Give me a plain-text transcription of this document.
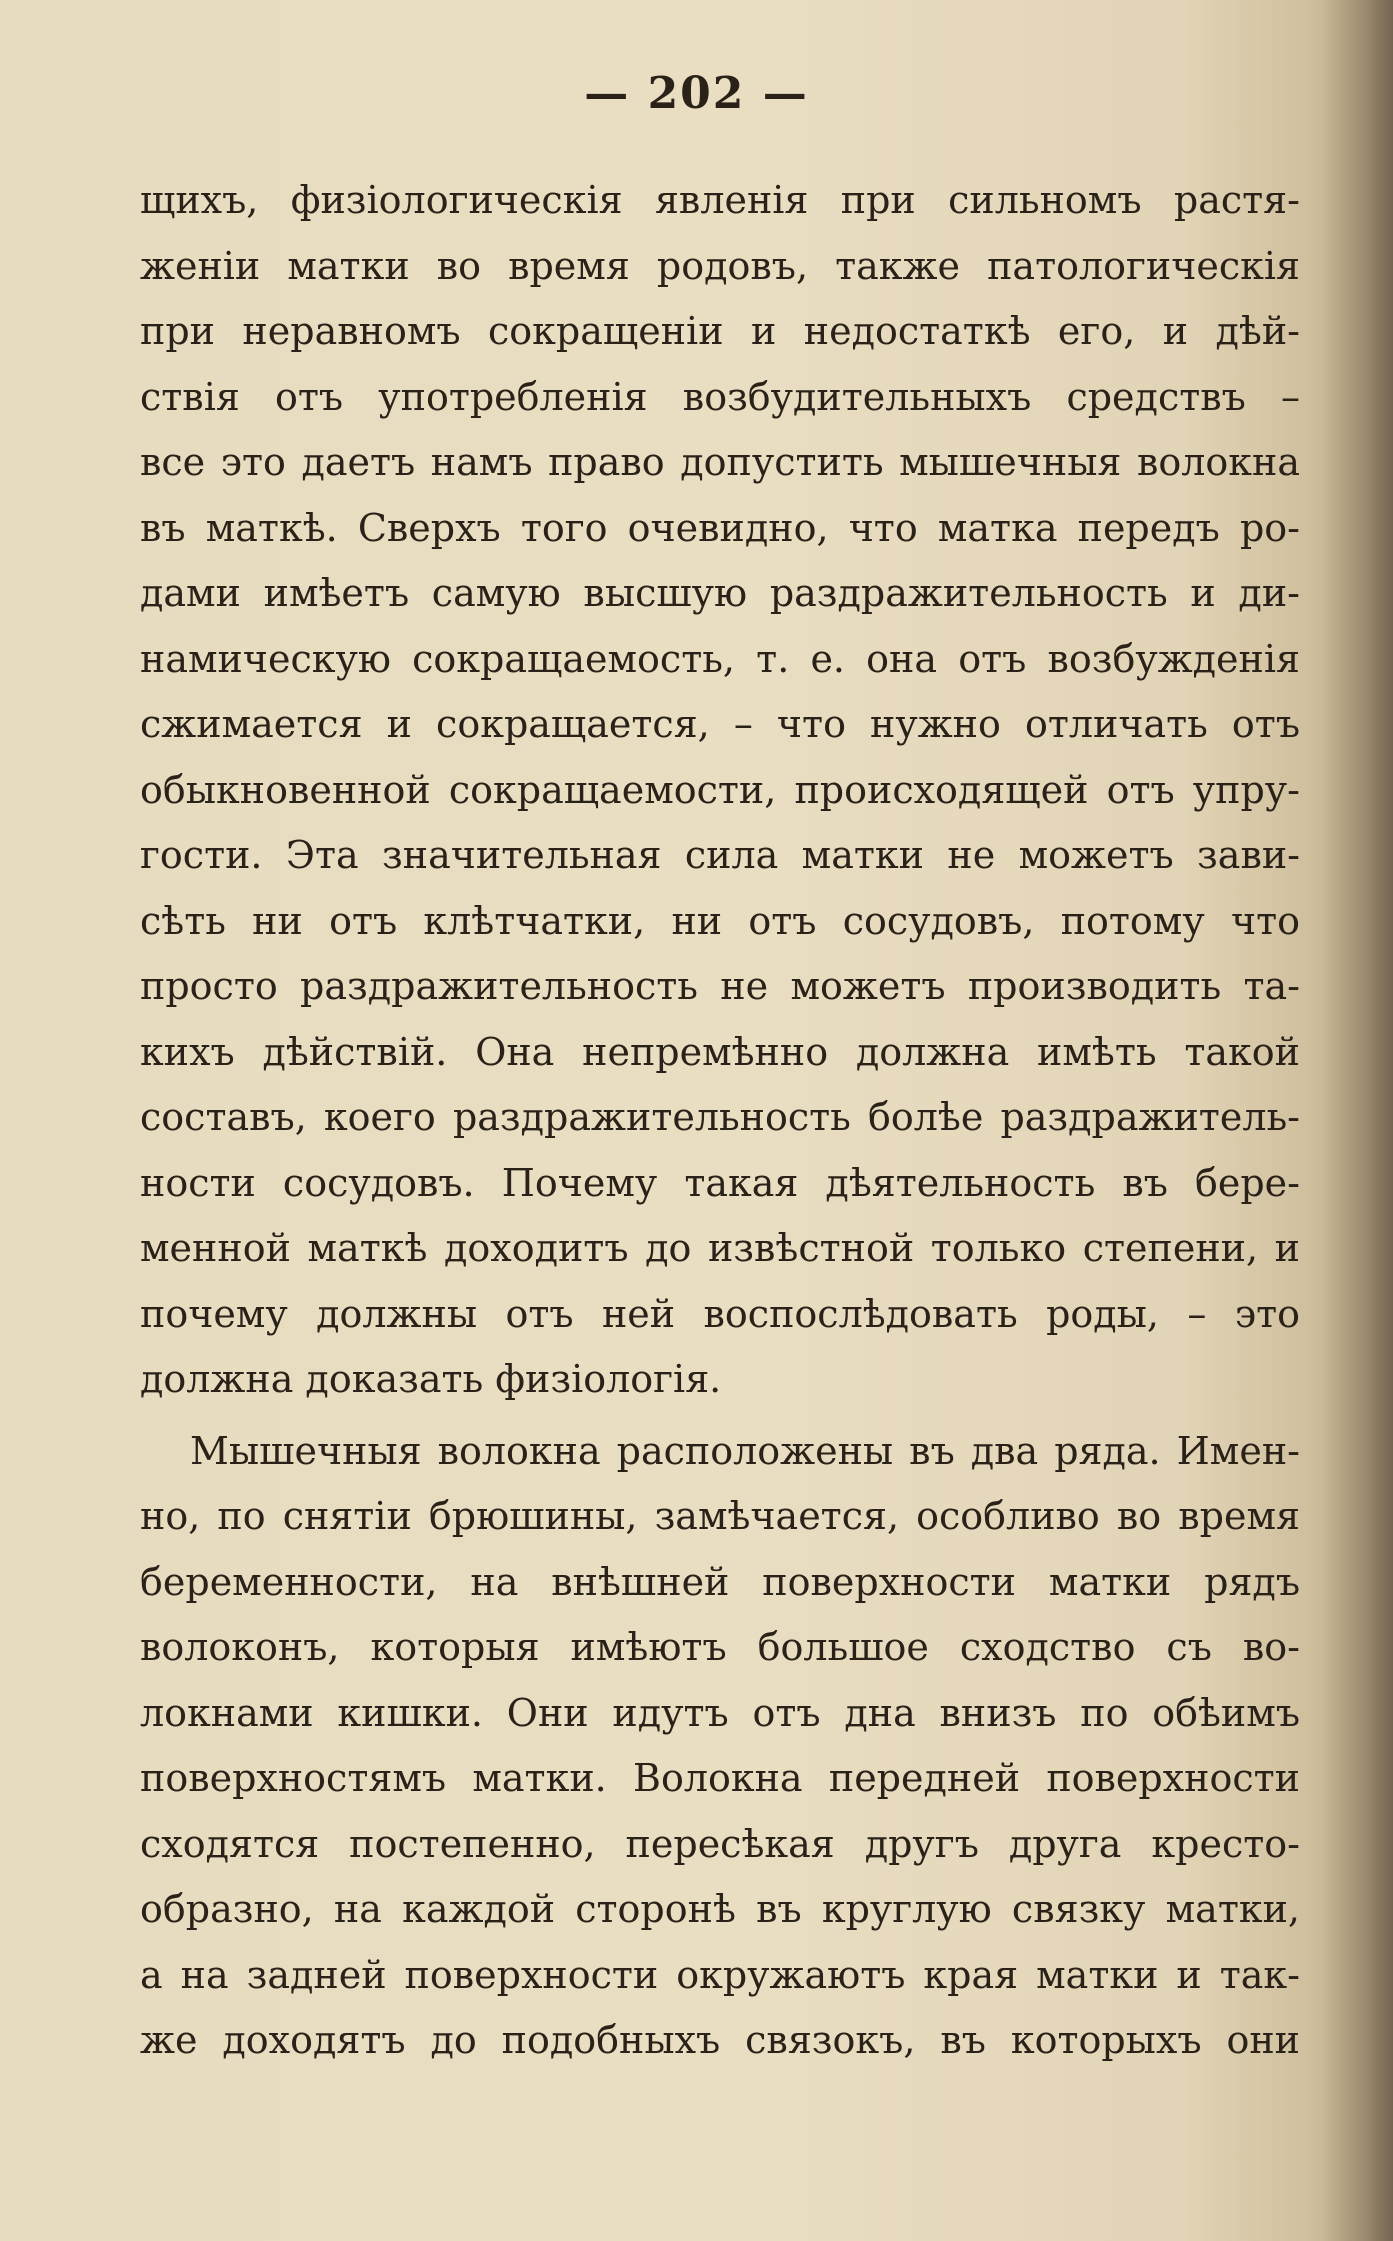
— 202 —
щихъ, физiологическiя явленiя при сильномъ растя-
женiи матки во время родовъ, также патологическiя
при неравномъ сокращенiи и недостаткѣ его, и дѣй-
ствiя отъ употребленiя возбудительныхъ средствъ –
все это даетъ намъ право допустить мышечныя волокна
въ маткѣ. Сверхъ того очевидно, что матка передъ ро-
дами имѣетъ самую высшую раздражительность и ди-
намическую сокращаемость, т. е. она отъ возбужденiя
сжимается и сокращается, – что нужно отличать отъ
обыкновенной сокращаемости, происходящей отъ упру-
гости. Эта значительная сила матки не можетъ зави-
сѣть ни отъ клѣтчатки, ни отъ сосудовъ, потому что
просто раздражительность не можетъ производить та-
кихъ дѣйствiй. Она непремѣнно должна имѣть такой
составъ, коего раздражительность болѣе раздражитель-
ности сосудовъ. Почему такая дѣятельность въ бере-
менной маткѣ доходитъ до извѣстной только степени, и
почему должны отъ ней воспослѣдовать роды, – это
должна доказать физiологiя.
Мышечныя волокна расположены въ два ряда. Имен-
но, по снятiи брюшины, замѣчается, особливо во время
беременности, на внѣшней поверхности матки рядъ
волоконъ, которыя имѣютъ большое сходство съ во-
локнами кишки. Они идутъ отъ дна внизъ по обѣимъ
поверхностямъ матки. Волокна передней поверхности
сходятся постепенно, пересѣкая другъ друга кресто-
образно, на каждой сторонѣ въ круглую связку матки,
а на задней поверхности окружаютъ края матки и так-
же доходятъ до подобныхъ связокъ, въ которыхъ они
